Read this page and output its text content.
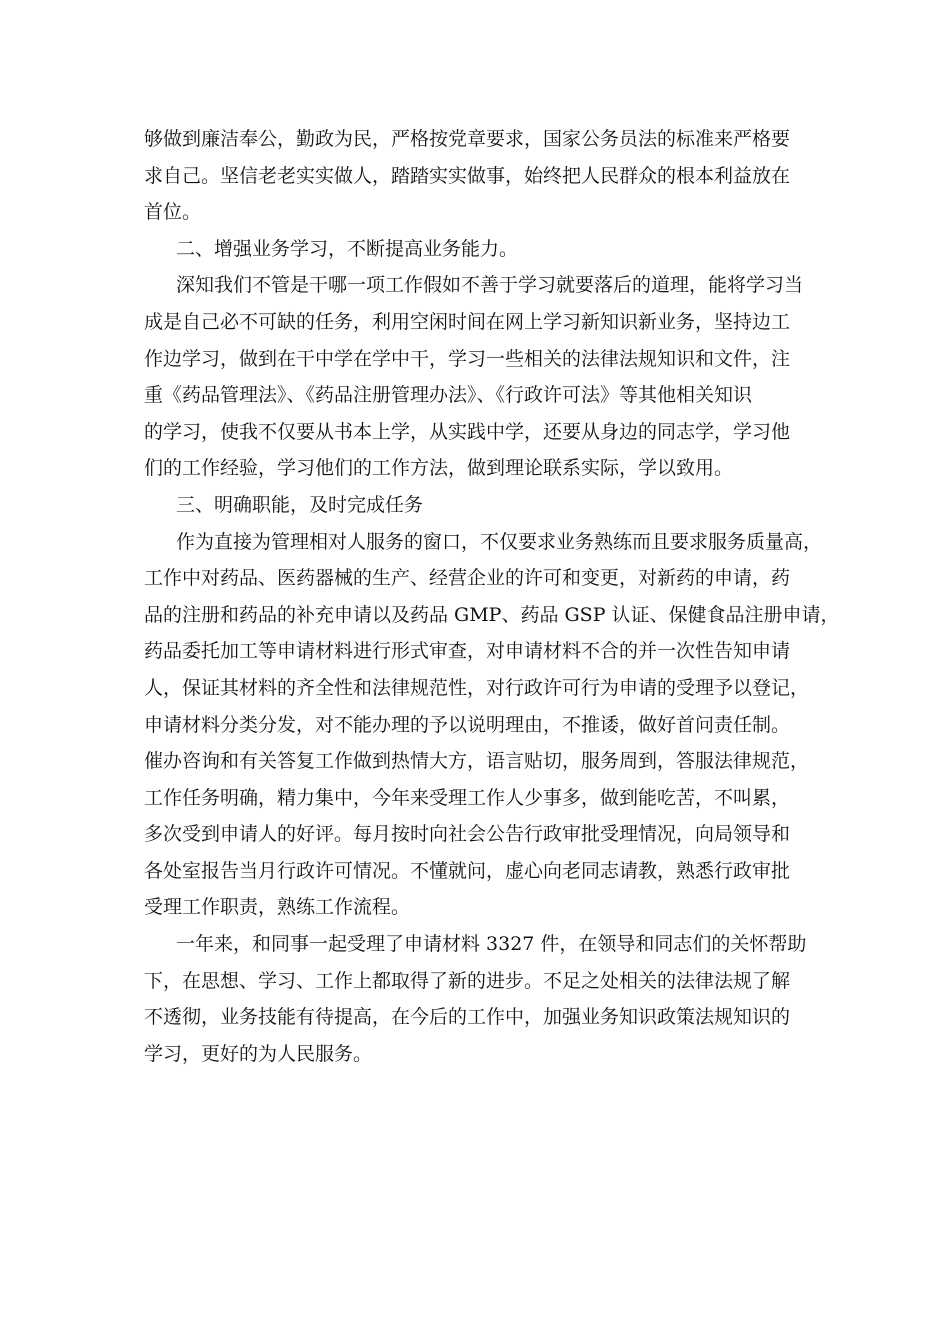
够做到廉洁奉公，勤政为民，严格按党章要求，国家公务员法的标准来严格要
求自己。坚信老老实实做人，踏踏实实做事，始终把人民群众的根本利益放在
首位。
二、增强业务学习，不断提高业务能力。
深知我们不管是干哪一项工作假如不善于学习就要落后的道理，能将学习当
成是自己必不可缺的任务，利用空闲时间在网上学习新知识新业务，坚持边工
作边学习，做到在干中学在学中干，学习一些相关的法律法规知识和文件，注
重《药品管理法》、《药品注册管理办法》、《行政许可法》等其他相关知识
的学习，使我不仅要从书本上学，从实践中学，还要从身边的同志学，学习他
们的工作经验，学习他们的工作方法，做到理论联系实际，学以致用。
三、明确职能，及时完成任务
作为直接为管理相对人服务的窗口，不仅要求业务熟练而且要求服务质量高，
工作中对药品、医药器械的生产、经营企业的许可和变更，对新药的申请，药
品的注册和药品的补充申请以及药品 GMP、药品 GSP 认证、保健食品注册申请，
药品委托加工等申请材料进行形式审查，对申请材料不合的并一次性告知申请
人，保证其材料的齐全性和法律规范性，对行政许可行为申请的受理予以登记，
申请材料分类分发，对不能办理的予以说明理由，不推诿，做好首问责任制。
催办咨询和有关答复工作做到热情大方，语言贴切，服务周到，答服法律规范，
工作任务明确，精力集中，今年来受理工作人少事多，做到能吃苦，不叫累，
多次受到申请人的好评。每月按时向社会公告行政审批受理情况，向局领导和
各处室报告当月行政许可情况。不懂就问，虚心向老同志请教，熟悉行政审批
受理工作职责，熟练工作流程。
一年来，和同事一起受理了申请材料 3327 件，在领导和同志们的关怀帮助
下，在思想、学习、工作上都取得了新的进步。不足之处相关的法律法规了解
不透彻，业务技能有待提高，在今后的工作中，加强业务知识政策法规知识的
学习，更好的为人民服务。
